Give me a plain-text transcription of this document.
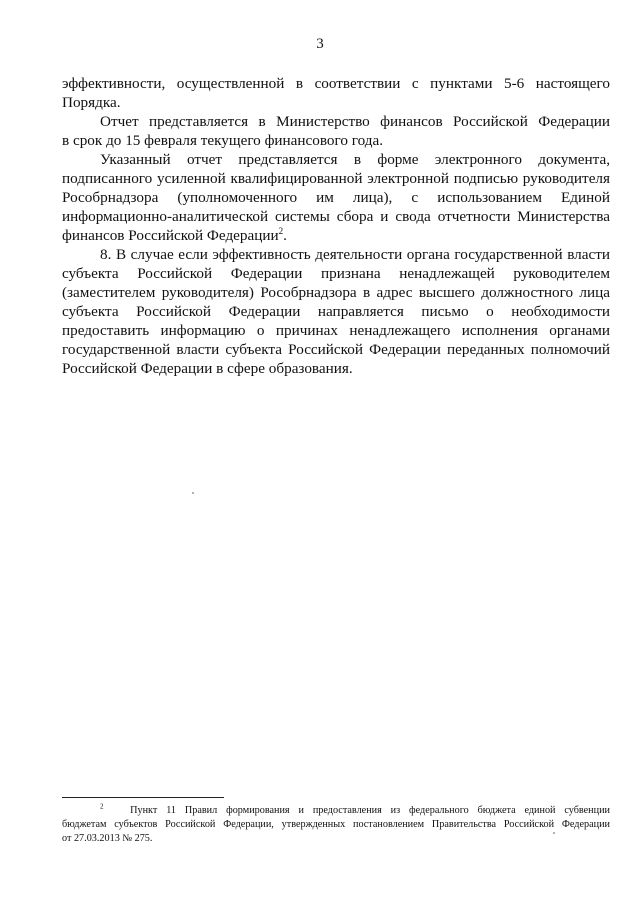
3
эффективности, осуществленной в соответствии с пунктами 5-6 настоящего
Порядка.
Отчет представляется в Министерство финансов Российской Федерации
в срок до 15 февраля текущего финансового года.
Указанный отчет представляется в форме электронного документа,
подписанного усиленной квалифицированной электронной подписью руководителя
Рособрнадзора (уполномоченного им лица), с использованием Единой
информационно-аналитической системы сбора и свода отчетности Министерства
финансов Российской Федерации$^2$.
8. В случае если эффективность деятельности органа государственной власти
субъекта Российской Федерации признана ненадлежащей руководителем
(заместителем руководителя) Рособрнадзора в адрес высшего должностного лица
субъекта Российской Федерации направляется письмо о необходимости
предоставить информацию о причинах ненадлежащего исполнения органами
государственной власти субъекта Российской Федерации переданных полномочий
Российской Федерации в сфере образования.
$^2$	Пункт 11 Правил формирования и предоставления из федерального бюджета единой субвенции
бюджетам субъектов Российской Федерации, утвержденных постановлением Правительства Российской Федерации
от 27.03.2013 № 275.
